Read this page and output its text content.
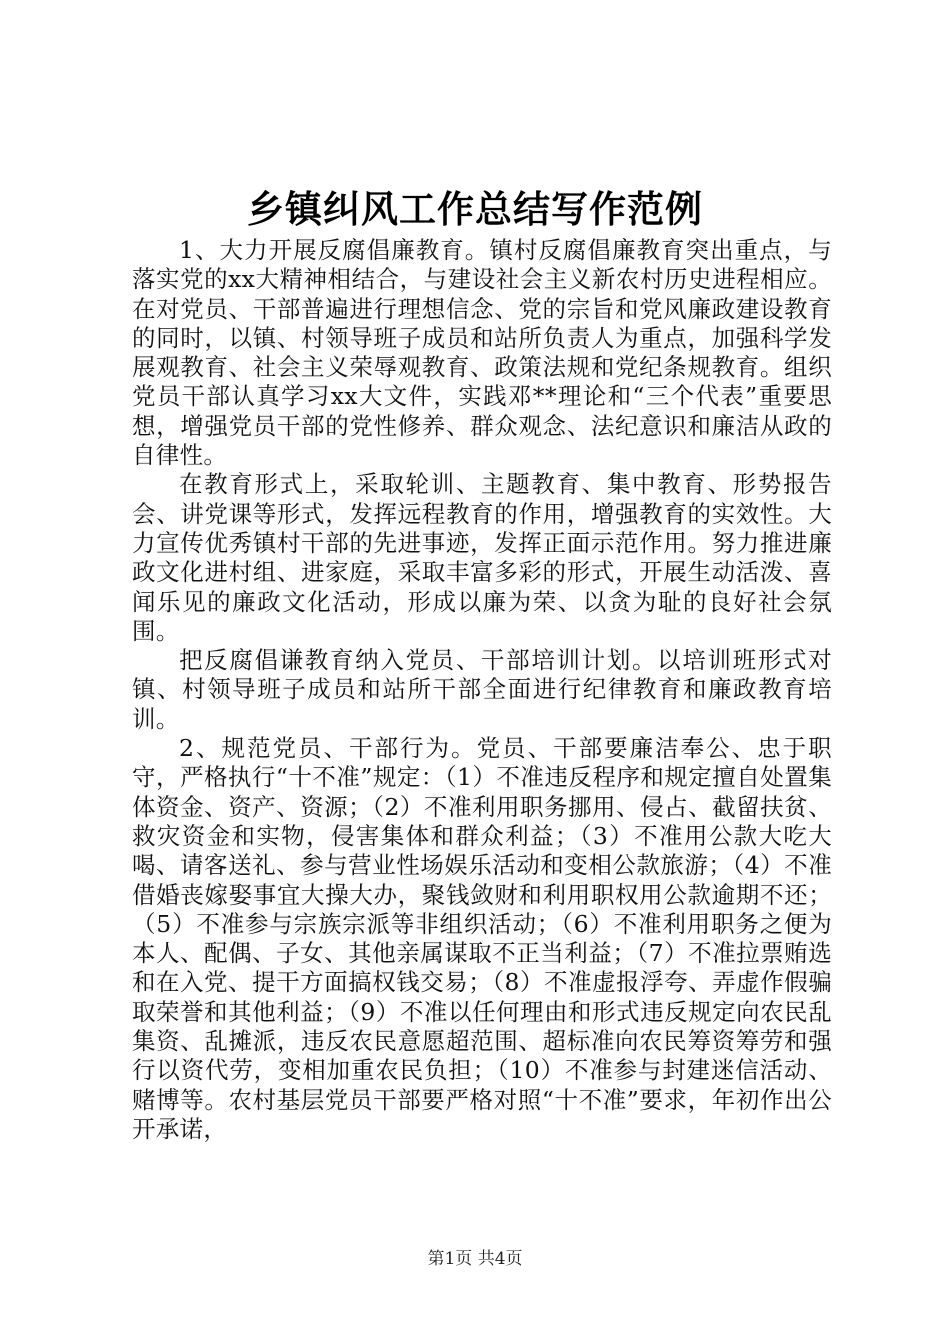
乡镇纠风工作总结写作范例

1、大力开展反腐倡廉教育。镇村反腐倡廉教育突出重点，与落实党的xx大精神相结合，与建设社会主义新农村历史进程相应。在对党员、干部普遍进行理想信念、党的宗旨和党风廉政建设教育的同时，以镇、村领导班子成员和站所负责人为重点，加强科学发展观教育、社会主义荣辱观教育、政策法规和党纪条规教育。组织党员干部认真学习xx大文件，实践邓**理论和“三个代表”重要思想，增强党员干部的党性修养、群众观念、法纪意识和廉洁从政的自律性。

在教育形式上，采取轮训、主题教育、集中教育、形势报告会、讲党课等形式，发挥远程教育的作用，增强教育的实效性。大力宣传优秀镇村干部的先进事迹，发挥正面示范作用。努力推进廉政文化进村组、进家庭，采取丰富多彩的形式，开展生动活泼、喜闻乐见的廉政文化活动，形成以廉为荣、以贪为耻的良好社会氛围。

把反腐倡谦教育纳入党员、干部培训计划。以培训班形式对镇、村领导班子成员和站所干部全面进行纪律教育和廉政教育培训。

2、规范党员、干部行为。党员、干部要廉洁奉公、忠于职守，严格执行“十不准”规定：（1）不准违反程序和规定擅自处置集体资金、资产、资源；（2）不准利用职务挪用、侵占、截留扶贫、救灾资金和实物，侵害集体和群众利益；（3）不准用公款大吃大喝、请客送礼、参与营业性场娱乐活动和变相公款旅游；（4）不准借婚丧嫁娶事宜大操大办，聚钱敛财和利用职权用公款逾期不还；（5）不准参与宗族宗派等非组织活动；（6）不准利用职务之便为本人、配偶、子女、其他亲属谋取不正当利益；（7）不准拉票贿选和在入党、提干方面搞权钱交易；（8）不准虚报浮夸、弄虚作假骗取荣誉和其他利益；（9）不准以任何理由和形式违反规定向农民乱集资、乱摊派，违反农民意愿超范围、超标准向农民筹资筹劳和强行以资代劳，变相加重农民负担；（10）不准参与封建迷信活动、赌博等。农村基层党员干部要严格对照“十不准”要求，年初作出公开承诺，

第1页 共4页
